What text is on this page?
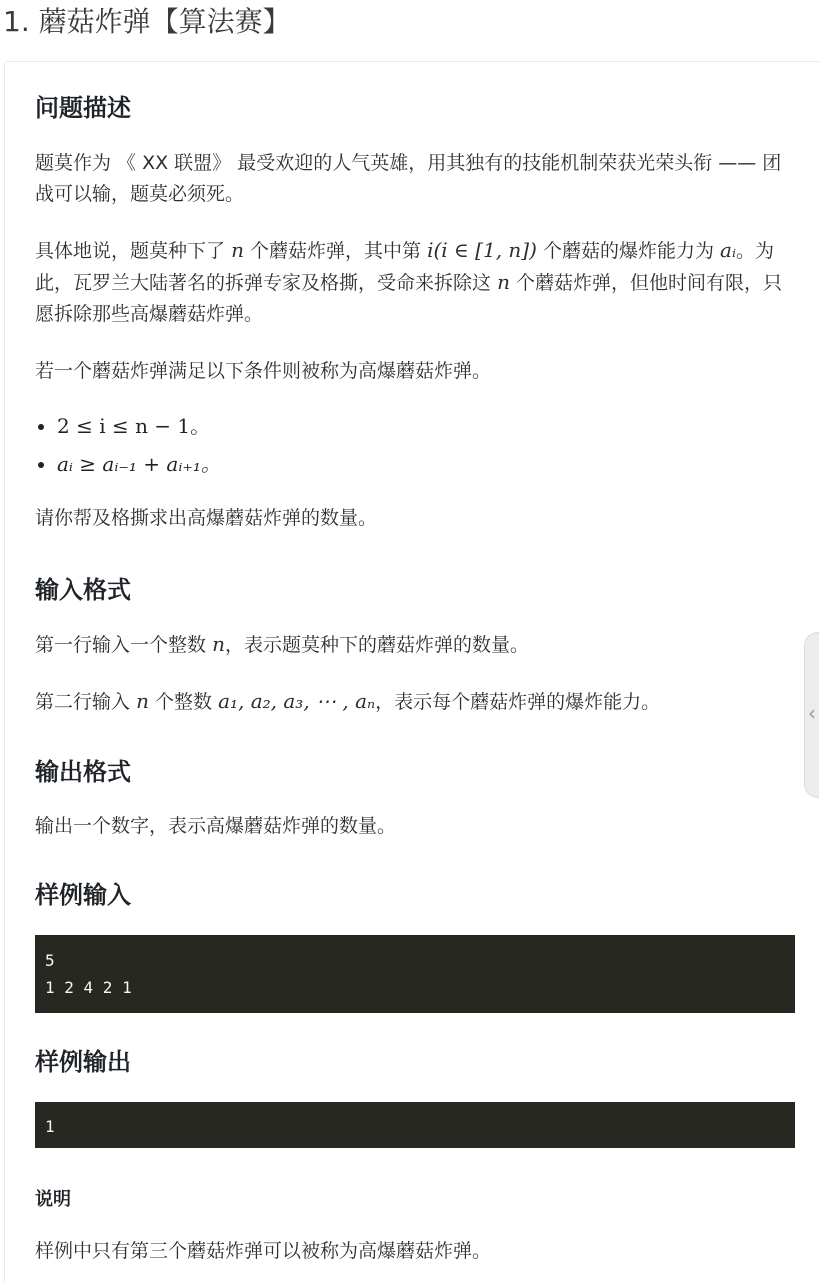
1. 蘑菇炸弹【算法赛】
问题描述

题莫作为 《 XX 联盟》 最受欢迎的人气英雄，用其独有的技能机制荣获光荣头衔 —— 团战可以输，题莫必须死。

具体地说，题莫种下了 n 个蘑菇炸弹，其中第 i(i ∈ [1, n]) 个蘑菇的爆炸能力为 aᵢ。为此，瓦罗兰大陆著名的拆弹专家及格撕，受命来拆除这 n 个蘑菇炸弹，但他时间有限，只愿拆除那些高爆蘑菇炸弹。

若一个蘑菇炸弹满足以下条件则被称为高爆蘑菇炸弹。

• 2 ≤ i ≤ n − 1。
• aᵢ ≥ aᵢ₋₁ + aᵢ₊₁。

请你帮及格撕求出高爆蘑菇炸弹的数量。

输入格式

第一行输入一个整数 n，表示题莫种下的蘑菇炸弹的数量。

第二行输入 n 个整数 a₁, a₂, a₃, ⋯ , aₙ，表示每个蘑菇炸弹的爆炸能力。

输出格式

输出一个数字，表示高爆蘑菇炸弹的数量。

样例输入
5
1 2 4 2 1
样例输出
1
说明

样例中只有第三个蘑菇炸弹可以被称为高爆蘑菇炸弹。

‹
